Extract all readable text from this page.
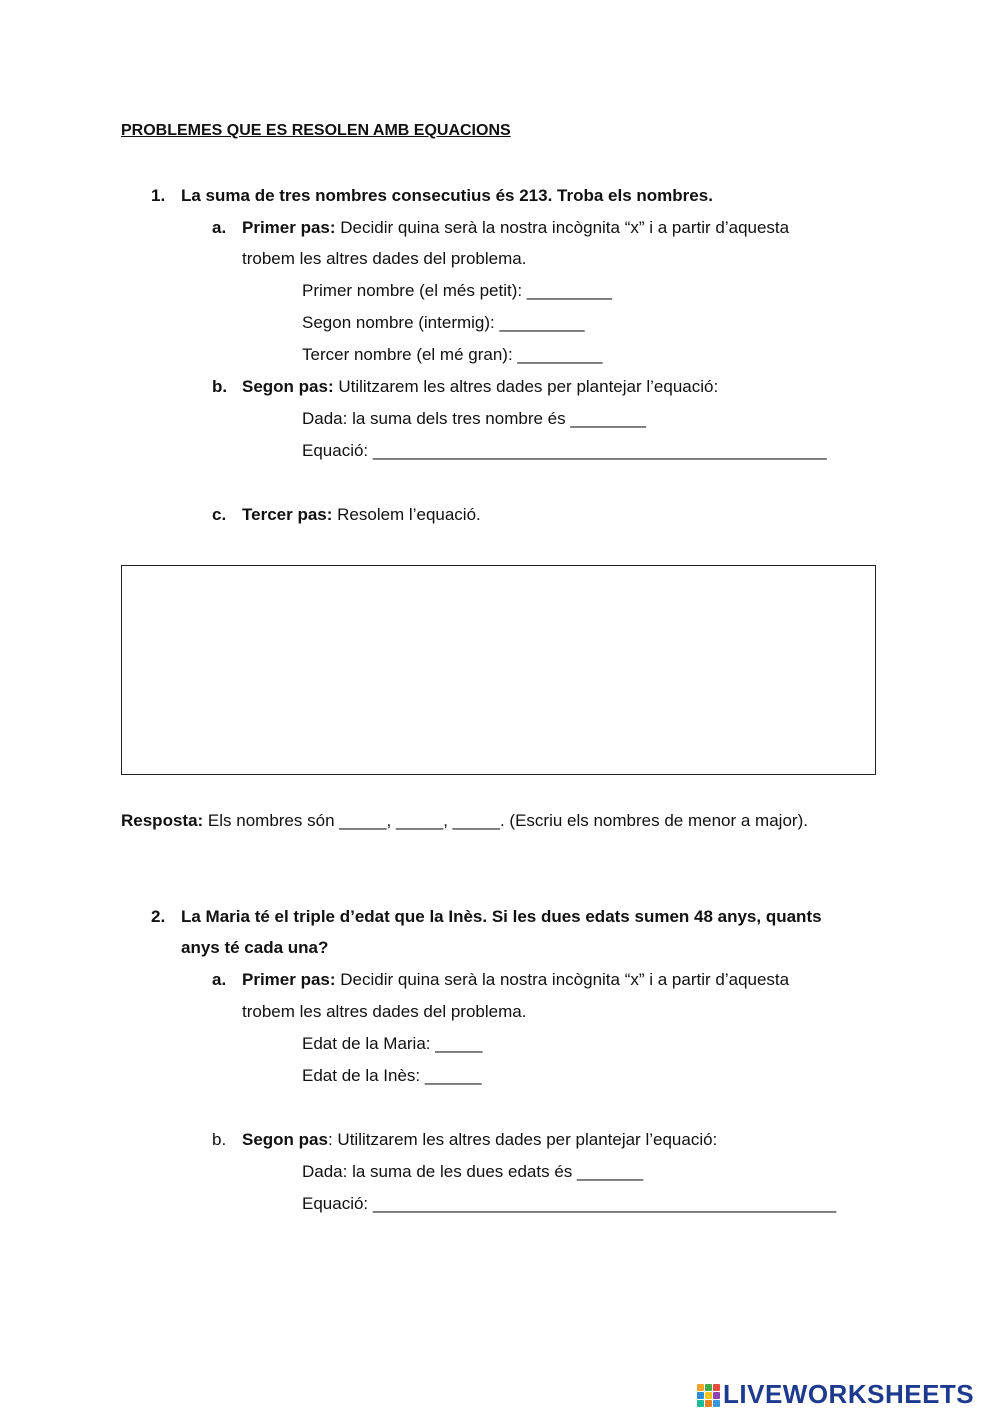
PROBLEMES QUE ES RESOLEN AMB EQUACIONS
1. La suma de tres nombres consecutius és 213. Troba els nombres.
a. Primer pas: Decidir quina serà la nostra incògnita “x” i a partir d’aquesta
trobem les altres dades del problema.
Primer nombre (el més petit): _________
Segon nombre (intermig): _________
Tercer nombre (el mé gran): _________
b. Segon pas: Utilitzarem les altres dades per plantejar l’equació:
Dada: la suma dels tres nombre és ________
Equació: ________________________________________________
c. Tercer pas: Resolem l’equació.
Resposta: Els nombres són _____, _____, _____. (Escriu els nombres de menor a major).
2. La Maria té el triple d’edat que la Inès. Si les dues edats sumen 48 anys, quants
anys té cada una?
a. Primer pas: Decidir quina serà la nostra incògnita “x” i a partir d’aquesta
trobem les altres dades del problema.
Edat de la Maria: _____
Edat de la Inès: ______
b. Segon pas: Utilitzarem les altres dades per plantejar l’equació:
Dada: la suma de les dues edats és _______
Equació: _________________________________________________
LIVEWORKSHEETS
